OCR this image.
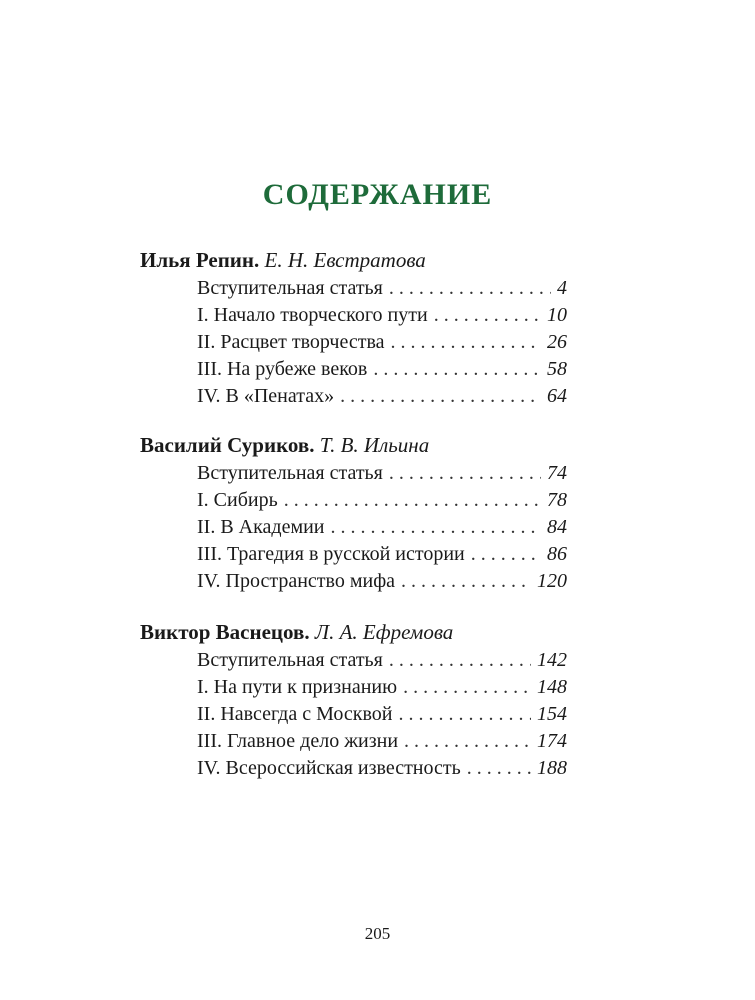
СОДЕРЖАНИЕ
Илья Репин. Е. Н. Евстратова
Вступительная статья . . .	4
I. Начало творческого пути . . .	10
II. Расцвет творчества . . .	26
III. На рубеже веков . . .	58
IV. В «Пенатах» . . .	64
Василий Суриков. Т. В. Ильина
Вступительная статья . . .	74
I. Сибирь . . .	78
II. В Академии . . .	84
III. Трагедия в русской истории . . .	86
IV. Пространство мифа . . .	120
Виктор Васнецов. Л. А. Ефремова
Вступительная статья . . .	142
I. На пути к признанию . . .	148
II. Навсегда с Москвой . . .	154
III. Главное дело жизни . . .	174
IV. Всероссийская известность . . .	188
205
